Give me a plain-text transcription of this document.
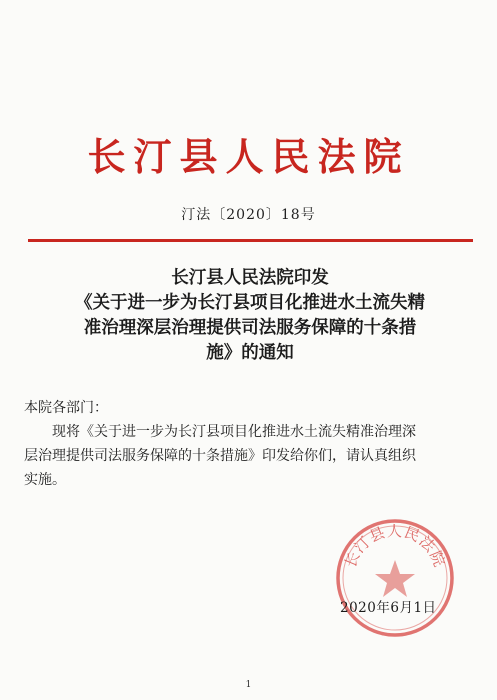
长汀县人民法院
汀法〔2020〕18号
长汀县人民法院印发
《关于进一步为长汀县项目化推进水土流失精
准治理深层治理提供司法服务保障的十条措
施》的通知
本院各部门：
现将《关于进一步为长汀县项目化推进水土流失精准治理深
层治理提供司法服务保障的十条措施》印发给你们，请认真组织
实施。
长汀县人民法院
2020年6月1日
1
